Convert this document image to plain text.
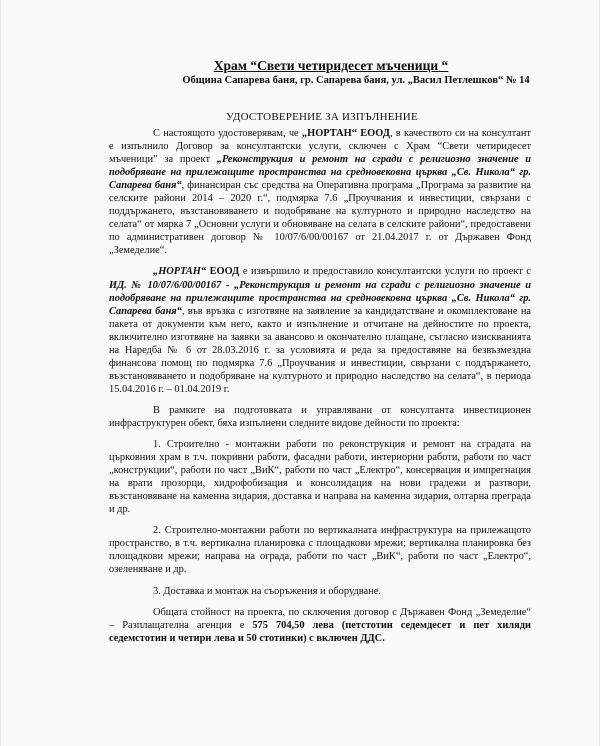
Храм “Свети четиридесет мъченици “
Община Сапарева баня, гр. Сапарева баня, ул. „Васил Петлешков“ № 14
УДОСТОВЕРЕНИЕ ЗА ИЗПЪЛНЕНИЕ

С настоящото удостоверявам, че „НОРТАН“ ЕООД, в качеството си на консултант е изпълнило Договор за консултантски услуги, сключен с Храм “Свети четиридесет мъченици” за проект „Реконструкция и ремонт на сгради с религиозно значение и подобряване на прилежащите пространства на средновековна църква „Св. Никола“ гр. Сапарева баня“, финансиран със средства на Оперативна програма „Програма за развитие на селските райони 2014 – 2020 г.“, подмярка 7.6 „Проучвания и инвестиции, свързани с поддържането, възстановяването и подобряване на културното и природно наследство на селата“ от мярка 7 „Основни услуги и обновяване на селата в селските райони“, предоставени по административен договор № 10/07/6/00/00167 от 21.04.2017 г. от Държавен Фонд „Земеделие“.

„НОРТАН“ ЕООД е извършило и предоставило консултантски услуги по проект с ИД. № 10/07/6/00/00167 - „Реконструкция и ремонт на сгради с религиозно значение и подобряване на прилежащите пространства на средновековна църква „Св. Никола“ гр. Сапарева баня“, във връзка с изготвяне на заявление за кандидатстване и окомплектоване на пакета от документи към него, както и изпълнение и отчитане на дейностите по проекта, включително изготвяне на заявки за авансово и окончателно плащане, съгласно изискванията на Наредба № 6 от 28.03.2016 г. за условията и реда за предоставяне на безвъзмездна финансова помощ по подмярка 7.6 „Проучвания и инвестиции, свързани с поддържането, възстановяването и подобряване на културното и природно наследство на селата“, в периода 15.04.2016 г. – 01.04.2019 г.

В рамките на подготовката и управлявани от консултанта инвестиционен инфраструктурен обект, бяха изпълнени следните видове дейности по проекта:

1. Строително - монтажни работи по реконструкция и ремонт на сградата на църковния храм в т.ч. покривни работи, фасадни работи, интериорни работи, работи по част „конструкции“, работи по част „ВиК“, работи по част „Електро“, консервация и импрегнация на врати прозорци, хидрофобизация и консолидация на нови градежи и разтвори, възстановяване на каменна зидария, доставка и направа на каменна зидария, олтарна преграда и др.

2. Строително-монтажни работи по вертикалната инфраструктура на прилежащото пространство, в т.ч. вертикална планировка с площадкови мрежи; вертикална планировка без площадкови мрежи; направа на ограда, работи по част „ВиК“, работи по част „Електро“, озеленяване и др.

3. Доставка и монтаж на съоръжения и оборудване.

Общата стойност на проекта, по сключения договор с Държавен Фонд „Земеделие“ – Разплащателна агенция е 575 704,50 лева (петстотин седемдесет и пет хиляди седемстотин и четири лева и 50 стотинки) с включен ДДС.
